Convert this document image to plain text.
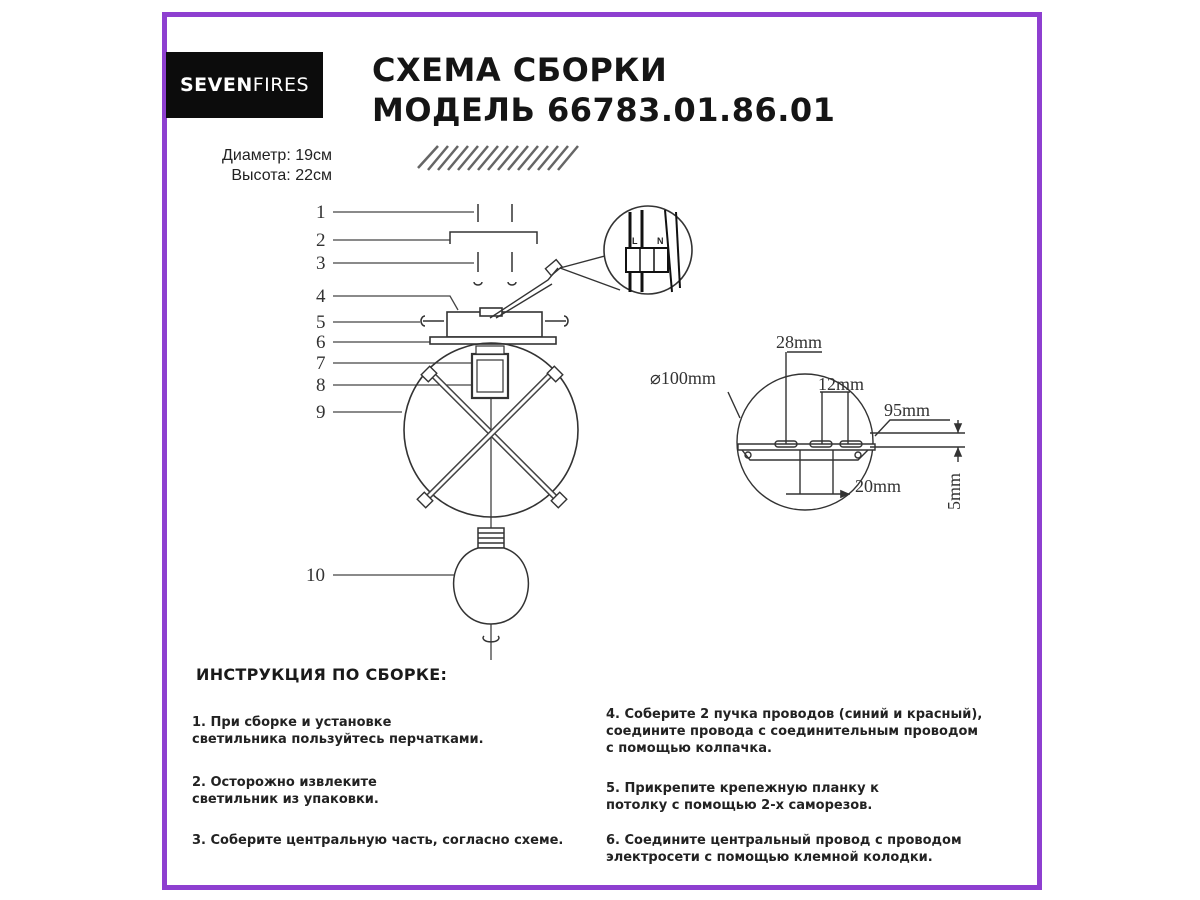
SEVEN FIRES СХЕМА СБОРКИ
МОДЕЛЬ 66783.01.86.01
Диаметр: 19см
Высота: 22см
1
2
3
4
5
6
7
8
9
10
L N
⌀100mm
28mm
12mm
95mm
20mm 5mm
ИНСТРУКЦИЯ ПО СБОРКЕ:
1. При сборке и установке
светильника пользуйтесь перчатками.
2. Осторожно извлеките
светильник из упаковки.
3. Соберите центральную часть, согласно схеме.
4. Соберите 2 пучка проводов (синий и красный),
соедините провода с соединительным проводом
с помощью колпачка.
5. Прикрепите крепежную планку к
потолку с помощью 2-х саморезов.
6. Соедините центральный провод с проводом
электросети с помощью клемной колодки.
